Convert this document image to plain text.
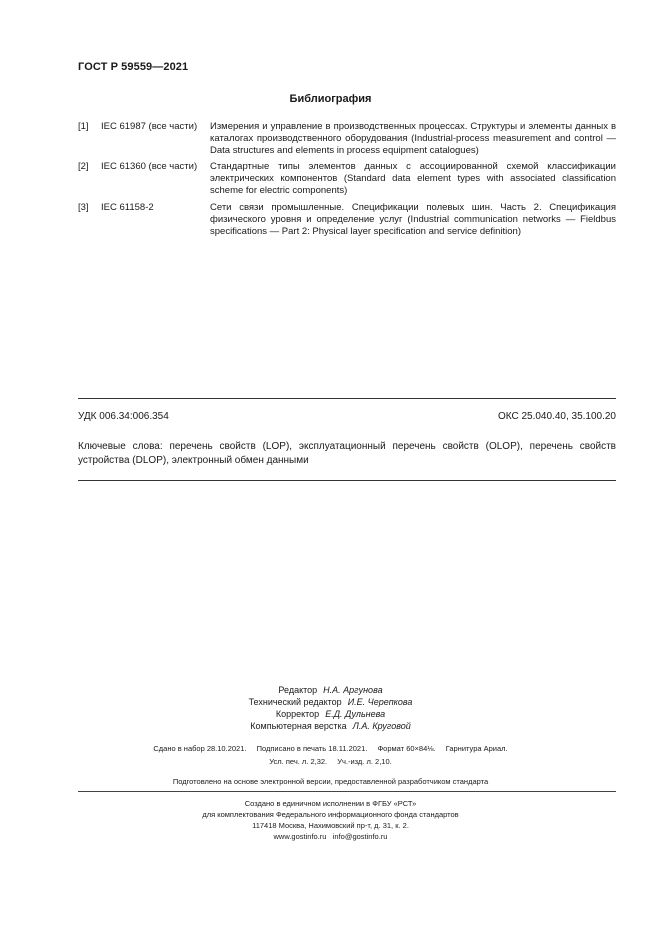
ГОСТ Р 59559—2021
Библиография
[1] IEC 61987 (все части) Измерения и управление в производственных процессах. Структуры и элементы данных в каталогах производственного оборудования (Industrial-process measurement and control — Data structures and elements in process equipment catalogues)
[2] IEC 61360 (все части) Стандартные типы элементов данных с ассоциированной схемой классификации электрических компонентов (Standard data element types with associated classification scheme for electric components)
[3] IEC 61158-2	Сети связи промышленные. Спецификации полевых шин. Часть 2. Спецификация физического уровня и определение услуг (Industrial communication networks — Fieldbus specifications — Part 2: Physical layer specification and service definition)
УДК 006.34:006.354	ОКС 25.040.40, 35.100.20
Ключевые слова: перечень свойств (LOP), эксплуатационный перечень свойств (OLOP), перечень свойств устройства (DLOP), электронный обмен данными
Редактор Н.А. Аргунова
Технический редактор И.Е. Черепкова
Корректор Е.Д. Дульнева
Компьютерная верстка Л.А. Круговой
Сдано в набор 28.10.2021. Подписано в печать 18.11.2021. Формат 60×84⅛. Гарнитура Ариал.
Усл. печ. л. 2,32. Уч.-изд. л. 2,10.
Подготовлено на основе электронной версии, предоставленной разработчиком стандарта
Создано в единичном исполнении в ФГБУ «РСТ»
для комплектования Федерального информационного фонда стандартов
117418 Москва, Нахимовский пр-т, д. 31, к. 2.
www.gostinfo.ru info@gostinfo.ru
